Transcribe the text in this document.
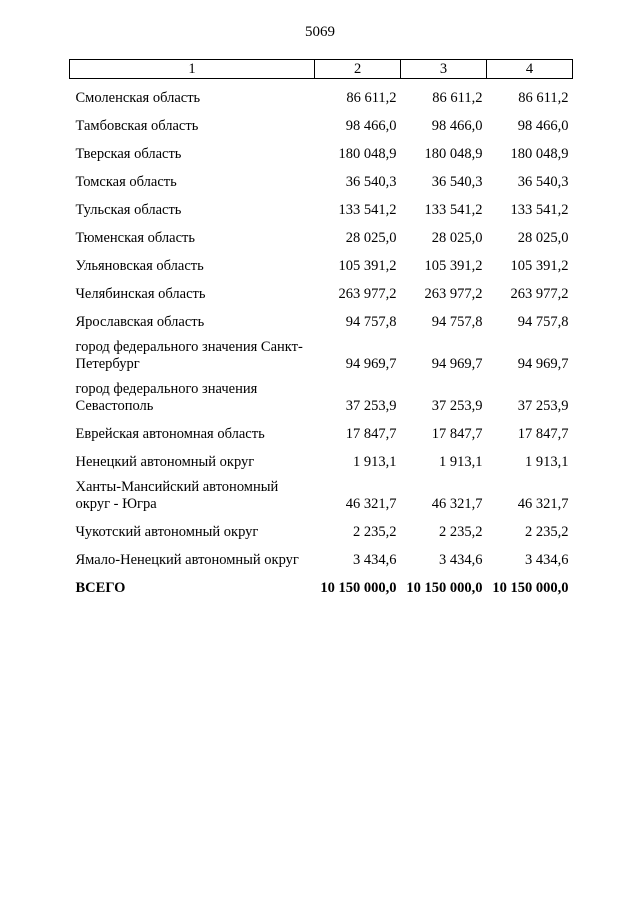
5069
1	2	3	4
Смоленская область	86 611,2	86 611,2	86 611,2
Тамбовская область	98 466,0	98 466,0	98 466,0
Тверская область	180 048,9	180 048,9	180 048,9
Томская область	36 540,3	36 540,3	36 540,3
Тульская область	133 541,2	133 541,2	133 541,2
Тюменская область	28 025,0	28 025,0	28 025,0
Ульяновская область	105 391,2	105 391,2	105 391,2
Челябинская область	263 977,2	263 977,2	263 977,2
Ярославская область	94 757,8	94 757,8	94 757,8
город федерального значения Санкт-Петербург	94 969,7	94 969,7	94 969,7
город федерального значения Севастополь	37 253,9	37 253,9	37 253,9
Еврейская автономная область	17 847,7	17 847,7	17 847,7
Ненецкий автономный округ	1 913,1	1 913,1	1 913,1
Ханты-Мансийский автономный округ - Югра	46 321,7	46 321,7	46 321,7
Чукотский автономный округ	2 235,2	2 235,2	2 235,2
Ямало-Ненецкий автономный округ	3 434,6	3 434,6	3 434,6
ВСЕГО	10 150 000,0	10 150 000,0	10 150 000,0
